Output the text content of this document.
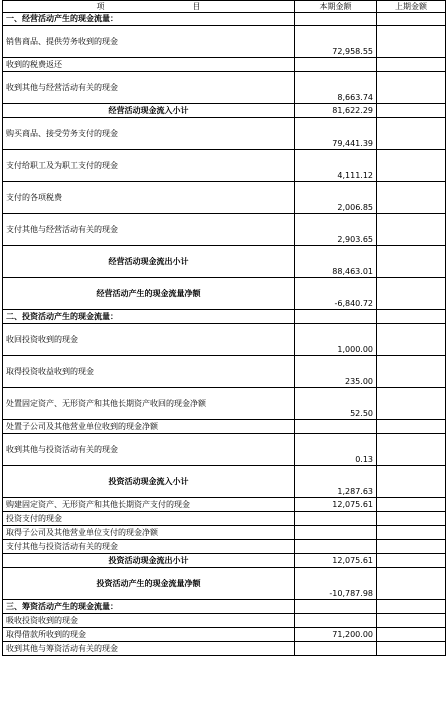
项　　　　　　　　　　　目	本期金额	上期金额
一、经营活动产生的现金流量：		
销售商品、提供劳务收到的现金	72,958.55	
收到的税费返还		
收到其他与经营活动有关的现金	8,663.74	
经营活动现金流入小计	81,622.29	
购买商品、接受劳务支付的现金	79,441.39	
支付给职工及为职工支付的现金	4,111.12	
支付的各项税费	2,006.85	
支付其他与经营活动有关的现金	2,903.65	
经营活动现金流出小计	88,463.01	
经营活动产生的现金流量净额	-6,840.72	
二、投资活动产生的现金流量：		
收回投资收到的现金	1,000.00	
取得投资收益收到的现金	235.00	
处置固定资产、无形资产和其他长期资产收回的现金净额	52.50	
处置子公司及其他营业单位收到的现金净额		
收到其他与投资活动有关的现金	0.13	
投资活动现金流入小计	1,287.63	
购建固定资产、无形资产和其他长期资产支付的现金	12,075.61	
投资支付的现金		
取得子公司及其他营业单位支付的现金净额		
支付其他与投资活动有关的现金		
投资活动现金流出小计	12,075.61	
投资活动产生的现金流量净额	-10,787.98	
三、筹资活动产生的现金流量：		
吸收投资收到的现金		
取得借款所收到的现金	71,200.00	
收到其他与筹资活动有关的现金		
